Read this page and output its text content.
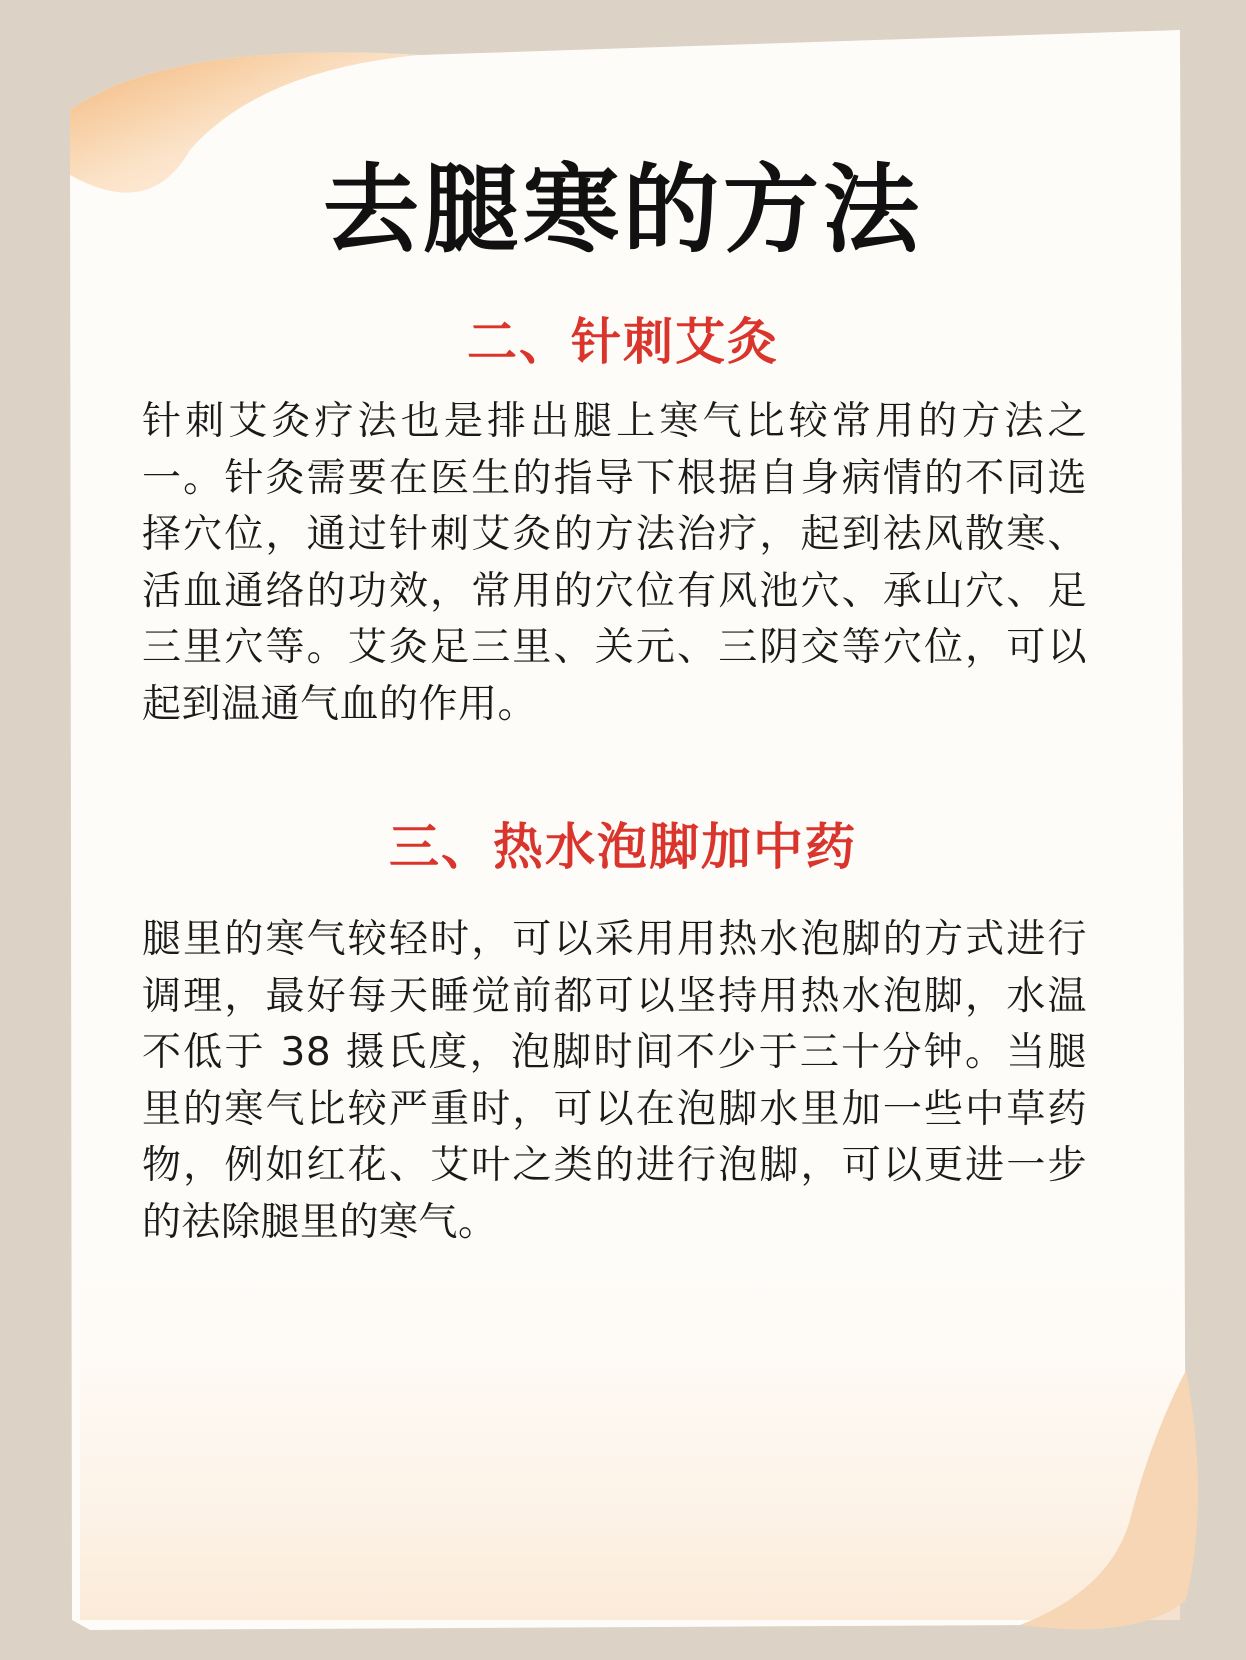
去腿寒的方法
二、针刺艾灸

针刺艾灸疗法也是排出腿上寒气比较常用的方法之一。针灸需要在医生的指导下根据自身病情的不同选择穴位，通过针刺艾灸的方法治疗，起到祛风散寒、活血通络的功效，常用的穴位有风池穴、承山穴、足三里穴等。艾灸足三里、关元、三阴交等穴位，可以起到温通气血的作用。

三、热水泡脚加中药

腿里的寒气较轻时，可以采用用热水泡脚的方式进行调理，最好每天睡觉前都可以坚持用热水泡脚，水温不低于 38 摄氏度，泡脚时间不少于三十分钟。当腿里的寒气比较严重时，可以在泡脚水里加一些中草药物，例如红花、艾叶之类的进行泡脚，可以更进一步的祛除腿里的寒气。
